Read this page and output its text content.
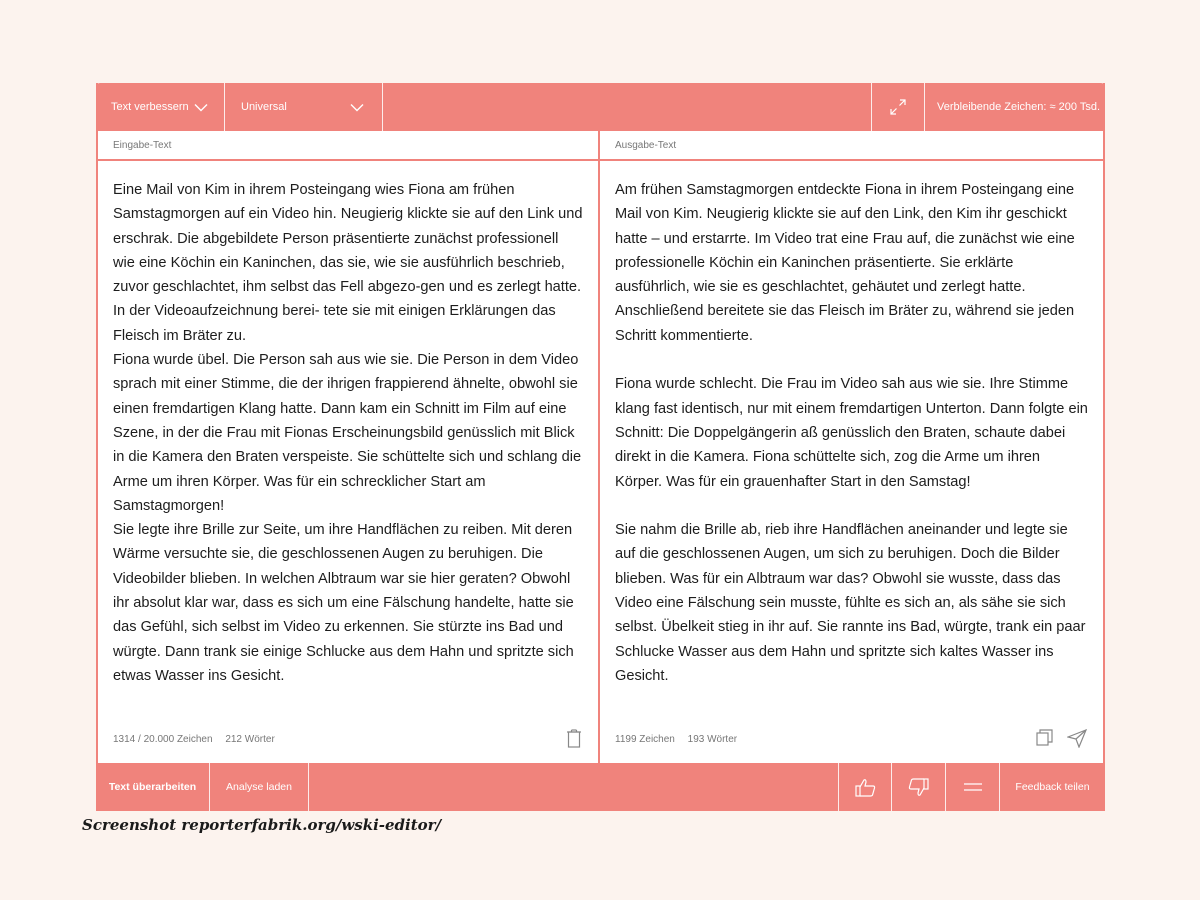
Text verbessern	Universal	Verbleibende Zeichen: ≈ 200 Tsd.
Eingabe-Text

Eine Mail von Kim in ihrem Posteingang wies Fiona am frühen Samstagmorgen auf ein Video hin. Neugierig klickte sie auf den Link und erschrak. Die abgebildete Person präsentierte zunächst professionell wie eine Köchin ein Kaninchen, das sie, wie sie ausführlich beschrieb, zuvor geschlachtet, ihm selbst das Fell abgezo-gen und es zerlegt hatte. In der Videoaufzeichnung berei- tete sie mit einigen Erklärungen das Fleisch im Bräter zu.

Fiona wurde übel. Die Person sah aus wie sie. Die Person in dem Video sprach mit einer Stimme, die der ihrigen frappierend ähnelte, obwohl sie einen fremdartigen Klang hatte. Dann kam ein Schnitt im Film auf eine Szene, in der die Frau mit Fionas Erscheinungsbild genüsslich mit Blick in die Kamera den Braten verspeiste. Sie schüttelte sich und schlang die Arme um ihren Körper. Was für ein schrecklicher Start am Samstagmorgen!

Sie legte ihre Brille zur Seite, um ihre Handflächen zu reiben. Mit deren Wärme versuchte sie, die geschlossenen Augen zu beruhigen. Die Videobilder blieben. In welchen Albtraum war sie hier geraten? Obwohl ihr absolut klar war, dass es sich um eine Fälschung handelte, hatte sie das Gefühl, sich selbst im Video zu erkennen. Sie stürzte ins Bad und würgte. Dann trank sie einige Schlucke aus dem Hahn und spritzte sich etwas Wasser ins Gesicht.

1314 / 20.000 Zeichen 212 Wörter
Ausgabe-Text

Am frühen Samstagmorgen entdeckte Fiona in ihrem Posteingang eine Mail von Kim. Neugierig klickte sie auf den Link, den Kim ihr geschickt hatte – und erstarrte. Im Video trat eine Frau auf, die zunächst wie eine professionelle Köchin ein Kaninchen präsentierte. Sie erklärte ausführlich, wie sie es geschlachtet, gehäutet und zerlegt hatte. Anschließend bereitete sie das Fleisch im Bräter zu, während sie jeden Schritt kommentierte.

Fiona wurde schlecht. Die Frau im Video sah aus wie sie. Ihre Stimme klang fast identisch, nur mit einem fremdartigen Unterton. Dann folgte ein Schnitt: Die Doppelgängerin aß genüsslich den Braten, schaute dabei direkt in die Kamera. Fiona schüttelte sich, zog die Arme um ihren Körper. Was für ein grauenhafter Start in den Samstag!

Sie nahm die Brille ab, rieb ihre Handflächen aneinander und legte sie auf die geschlossenen Augen, um sich zu beruhigen. Doch die Bilder blieben. Was für ein Albtraum war das? Obwohl sie wusste, dass das Video eine Fälschung sein musste, fühlte es sich an, als sähe sie sich selbst. Übelkeit stieg in ihr auf. Sie rannte ins Bad, würgte, trank ein paar Schlucke Wasser aus dem Hahn und spritzte sich kaltes Wasser ins Gesicht.

1199 Zeichen 193 Wörter
Text überarbeiten	Analyse laden	Feedback teilen
Screenshot reporterfabrik.org/wski-editor/
